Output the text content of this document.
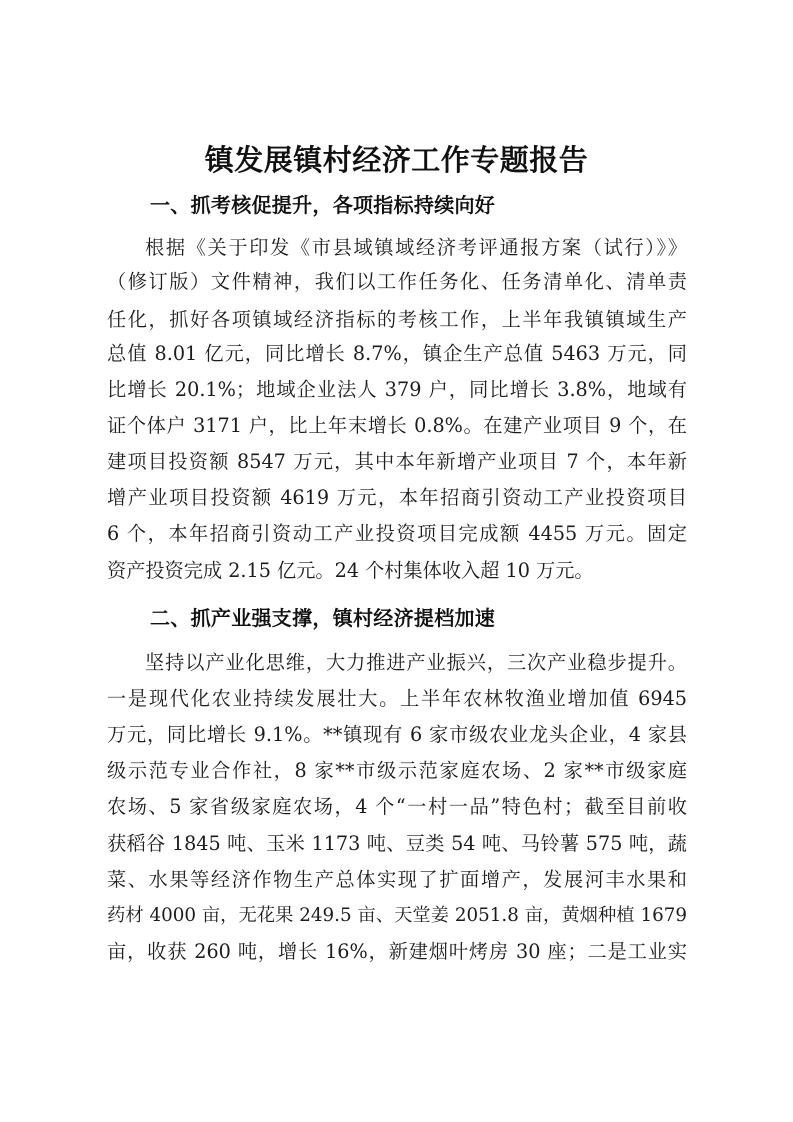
镇发展镇村经济工作专题报告
一、抓考核促提升，各项指标持续向好
根据《关于印发《市县域镇域经济考评通报方案（试行）》》
（修订版）文件精神，我们以工作任务化、任务清单化、清单责
任化，抓好各项镇域经济指标的考核工作，上半年我镇镇域生产
总值 8.01 亿元，同比增长 8.7%，镇企生产总值 5463 万元，同
比增长 20.1%；地域企业法人 379 户，同比增长 3.8%，地域有
证个体户 3171 户，比上年末增长 0.8%。在建产业项目 9 个，在
建项目投资额 8547 万元，其中本年新增产业项目 7 个，本年新
增产业项目投资额 4619 万元，本年招商引资动工产业投资项目
6 个，本年招商引资动工产业投资项目完成额 4455 万元。固定
资产投资完成 2.15 亿元。24 个村集体收入超 10 万元。
二、抓产业强支撑，镇村经济提档加速
坚持以产业化思维，大力推进产业振兴，三次产业稳步提升。
一是现代化农业持续发展壮大。上半年农林牧渔业增加值 6945
万元，同比增长 9.1%。**镇现有 6 家市级农业龙头企业，4 家县
级示范专业合作社，8 家**市级示范家庭农场、2 家**市级家庭
农场、5 家省级家庭农场，4 个“一村一品”特色村；截至目前收
获稻谷 1845 吨、玉米 1173 吨、豆类 54 吨、马铃薯 575 吨，蔬
菜、水果等经济作物生产总体实现了扩面增产，发展河丰水果和
药材 4000 亩，无花果 249.5 亩、天堂姜 2051.8 亩，黄烟种植 1679
亩，收获 260 吨，增长 16%，新建烟叶烤房 30 座；二是工业实
